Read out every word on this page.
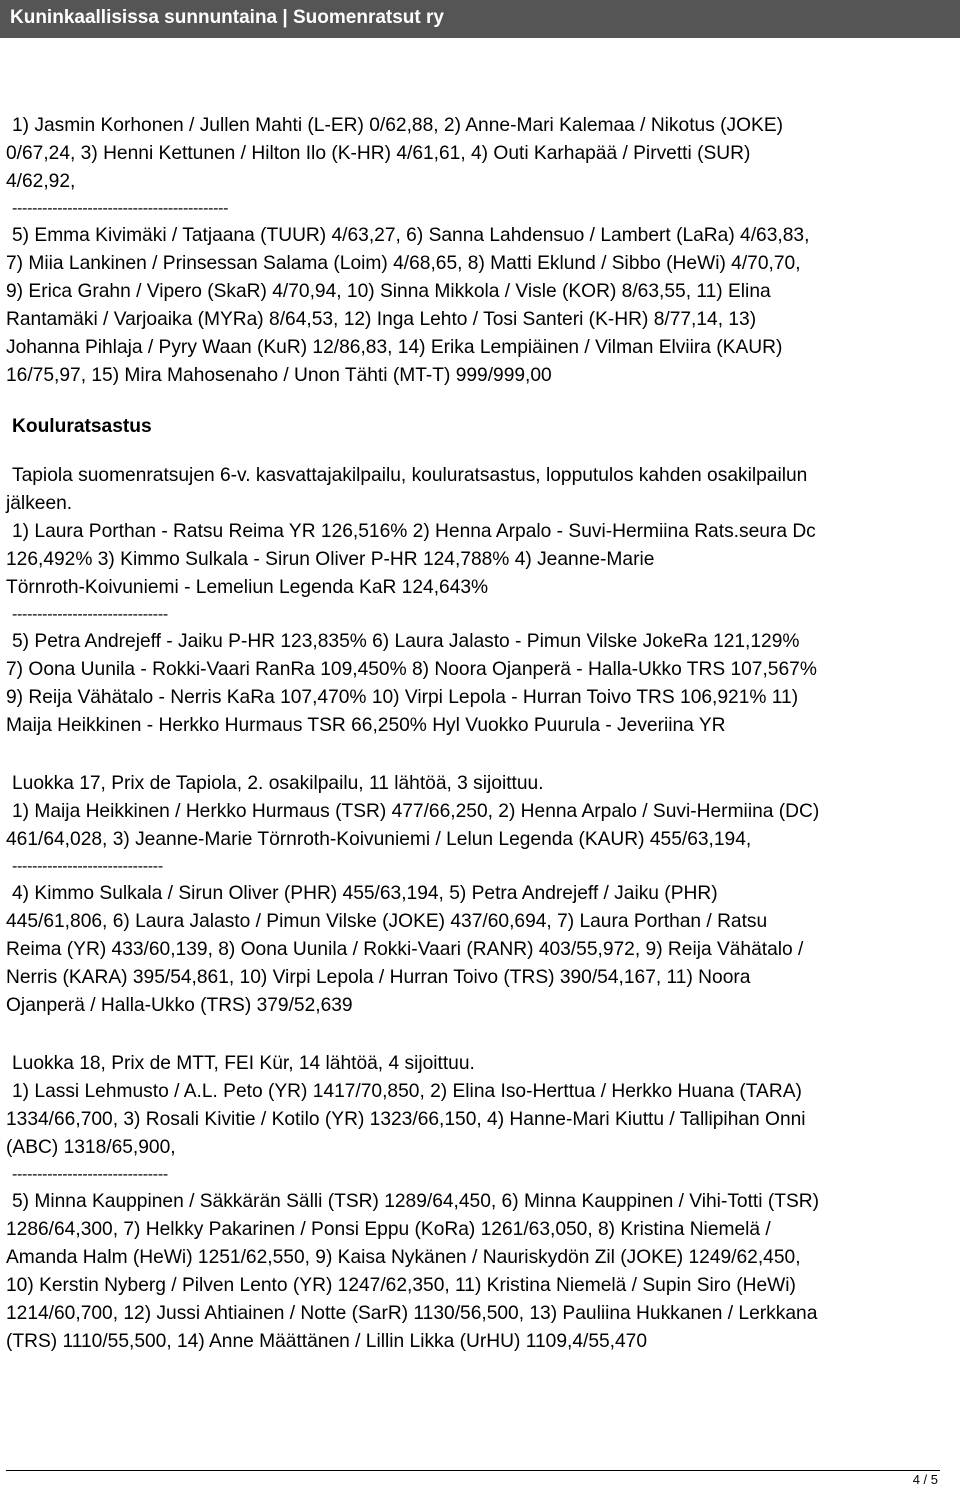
Kuninkaallisissa sunnuntaina | Suomenratsut ry
1) Jasmin Korhonen / Jullen Mahti (L-ER) 0/62,88, 2) Anne-Mari Kalemaa / Nikotus (JOKE)
0/67,24, 3) Henni Kettunen / Hilton Ilo (K-HR) 4/61,61, 4) Outi Karhapää / Pirvetti (SUR)
4/62,92,
-------------------------------------------
5) Emma Kivimäki / Tatjaana (TUUR) 4/63,27, 6) Sanna Lahdensuo / Lambert (LaRa) 4/63,83,
7) Miia Lankinen / Prinsessan Salama (Loim) 4/68,65, 8) Matti Eklund / Sibbo (HeWi) 4/70,70,
9) Erica Grahn / Vipero (SkaR) 4/70,94, 10) Sinna Mikkola / Visle (KOR) 8/63,55, 11) Elina
Rantamäki / Varjoaika (MYRa) 8/64,53, 12) Inga Lehto / Tosi Santeri (K-HR) 8/77,14, 13)
Johanna Pihlaja / Pyry Waan (KuR) 12/86,83, 14) Erika Lempiäinen / Vilman Elviira (KAUR)
16/75,97, 15) Mira Mahosenaho / Unon Tähti (MT-T) 999/999,00
Kouluratsastus
Tapiola suomenratsujen 6-v. kasvattajakilpailu, kouluratsastus, lopputulos kahden osakilpailun
jälkeen.
1) Laura Porthan - Ratsu Reima YR 126,516% 2) Henna Arpalo - Suvi-Hermiina Rats.seura Dc
126,492% 3) Kimmo Sulkala - Sirun Oliver P-HR 124,788% 4) Jeanne-Marie
Törnroth-Koivuniemi - Lemeliun Legenda KaR 124,643%
-------------------------------
5) Petra Andrejeff - Jaiku P-HR 123,835% 6) Laura Jalasto - Pimun Vilske JokeRa 121,129%
7) Oona Uunila - Rokki-Vaari RanRa 109,450% 8) Noora Ojanperä - Halla-Ukko TRS 107,567%
9) Reija Vähätalo - Nerris KaRa 107,470% 10) Virpi Lepola - Hurran Toivo TRS 106,921% 11)
Maija Heikkinen - Herkko Hurmaus TSR 66,250% Hyl Vuokko Puurula - Jeveriina YR
Luokka 17, Prix de Tapiola, 2. osakilpailu, 11 lähtöä, 3 sijoittuu.
1) Maija Heikkinen / Herkko Hurmaus (TSR) 477/66,250, 2) Henna Arpalo / Suvi-Hermiina (DC)
461/64,028, 3) Jeanne-Marie Törnroth-Koivuniemi / Lelun Legenda (KAUR) 455/63,194,
------------------------------
4) Kimmo Sulkala / Sirun Oliver (PHR) 455/63,194, 5) Petra Andrejeff / Jaiku (PHR)
445/61,806, 6) Laura Jalasto / Pimun Vilske (JOKE) 437/60,694, 7) Laura Porthan / Ratsu
Reima (YR) 433/60,139, 8) Oona Uunila / Rokki-Vaari (RANR) 403/55,972, 9) Reija Vähätalo /
Nerris (KARA) 395/54,861, 10) Virpi Lepola / Hurran Toivo (TRS) 390/54,167, 11) Noora
Ojanperä / Halla-Ukko (TRS) 379/52,639
Luokka 18, Prix de MTT, FEI Kür, 14 lähtöä, 4 sijoittuu.
1) Lassi Lehmusto / A.L. Peto (YR) 1417/70,850, 2) Elina Iso-Herttua / Herkko Huana (TARA)
1334/66,700, 3) Rosali Kivitie / Kotilo (YR) 1323/66,150, 4) Hanne-Mari Kiuttu / Tallipihan Onni
(ABC) 1318/65,900,
-------------------------------
5) Minna Kauppinen / Säkkärän Sälli (TSR) 1289/64,450, 6) Minna Kauppinen / Vihi-Totti (TSR)
1286/64,300, 7) Helkky Pakarinen / Ponsi Eppu (KoRa) 1261/63,050, 8) Kristina Niemelä /
Amanda Halm (HeWi) 1251/62,550, 9) Kaisa Nykänen / Nauriskydön Zil (JOKE) 1249/62,450,
10) Kerstin Nyberg / Pilven Lento (YR) 1247/62,350, 11) Kristina Niemelä / Supin Siro (HeWi)
1214/60,700, 12) Jussi Ahtiainen / Notte (SarR) 1130/56,500, 13) Pauliina Hukkanen / Lerkkana
(TRS) 1110/55,500, 14) Anne Määttänen / Lillin Likka (UrHU) 1109,4/55,470
4 / 5
